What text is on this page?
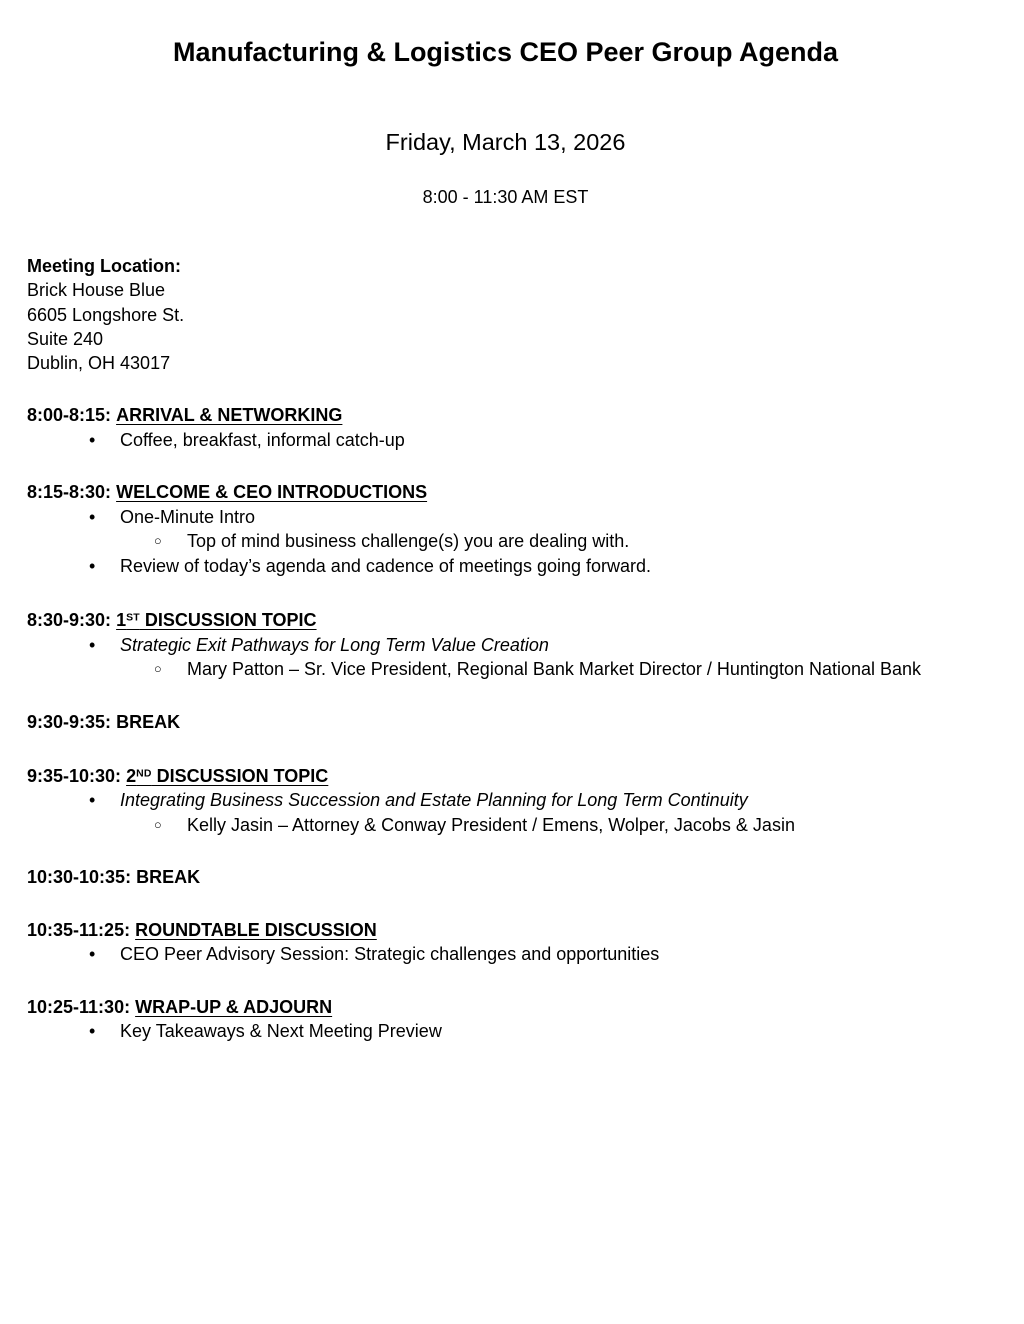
Manufacturing & Logistics CEO Peer Group Agenda
Friday, March 13, 2026
8:00 - 11:30 AM EST
Meeting Location:
Brick House Blue
6605 Longshore St.
Suite 240
Dublin, OH 43017
8:00-8:15: ARRIVAL & NETWORKING
• Coffee, breakfast, informal catch-up
8:15-8:30: WELCOME & CEO INTRODUCTIONS
• One-Minute Intro
○ Top of mind business challenge(s) you are dealing with.
• Review of today’s agenda and cadence of meetings going forward.
8:30-9:30: 1ST DISCUSSION TOPIC
• Strategic Exit Pathways for Long Term Value Creation
○ Mary Patton – Sr. Vice President, Regional Bank Market Director / Huntington National Bank
9:30-9:35: BREAK
9:35-10:30: 2ND DISCUSSION TOPIC
• Integrating Business Succession and Estate Planning for Long Term Continuity
○ Kelly Jasin – Attorney & Conway President / Emens, Wolper, Jacobs & Jasin
10:30-10:35: BREAK
10:35-11:25: ROUNDTABLE DISCUSSION
• CEO Peer Advisory Session: Strategic challenges and opportunities
10:25-11:30: WRAP-UP & ADJOURN
• Key Takeaways & Next Meeting Preview
